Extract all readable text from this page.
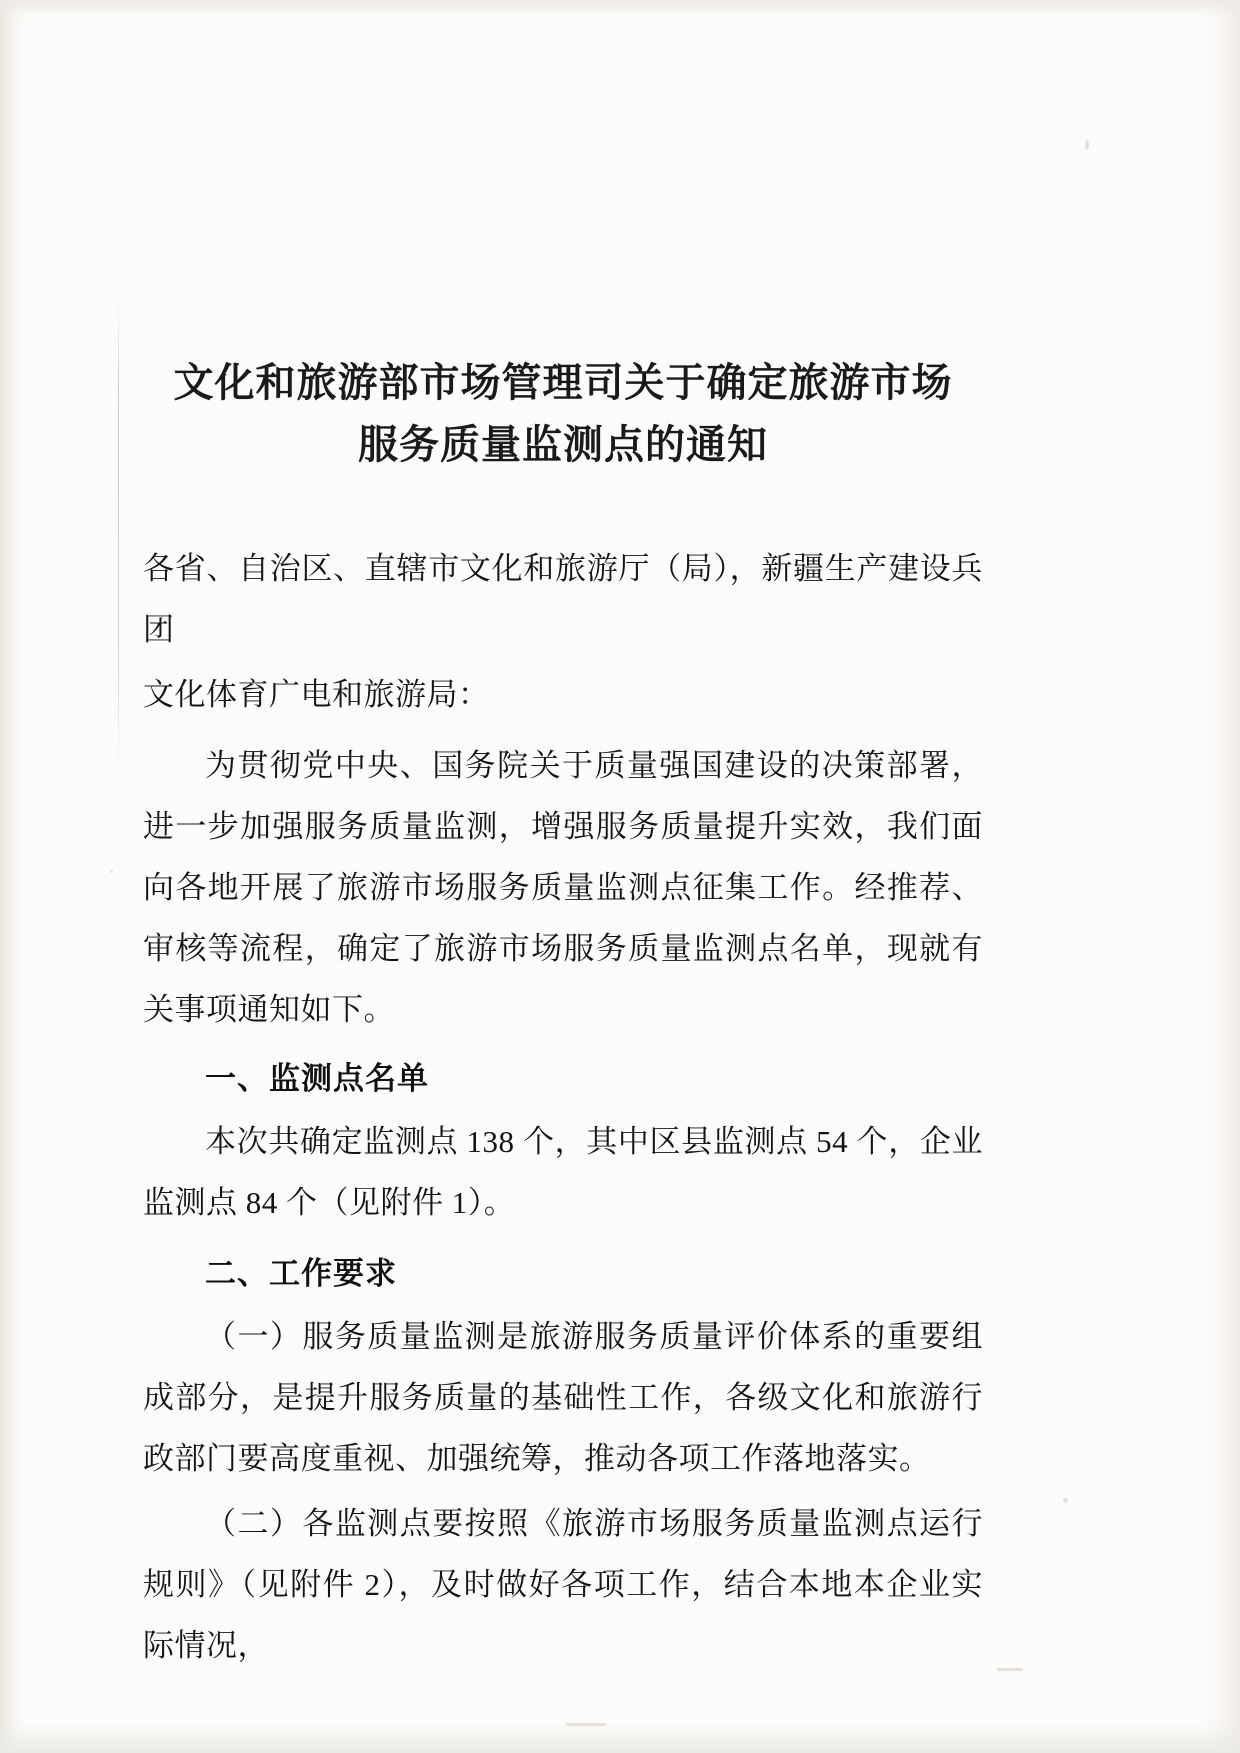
文化和旅游部市场管理司关于确定旅游市场
服务质量监测点的通知

各省、自治区、直辖市文化和旅游厅（局），新疆生产建设兵团

文化体育广电和旅游局：

为贯彻党中央、国务院关于质量强国建设的决策部署，进一步加强服务质量监测，增强服务质量提升实效，我们面向各地开展了旅游市场服务质量监测点征集工作。经推荐、审核等流程，确定了旅游市场服务质量监测点名单，现就有关事项通知如下。

一、监测点名单

本次共确定监测点 138 个，其中区县监测点 54 个，企业监测点 84 个（见附件 1）。

二、工作要求

（一）服务质量监测是旅游服务质量评价体系的重要组成部分，是提升服务质量的基础性工作，各级文化和旅游行政部门要高度重视、加强统筹，推动各项工作落地落实。

（二）各监测点要按照《旅游市场服务质量监测点运行规则》（见附件 2），及时做好各项工作，结合本地本企业实际情况，
